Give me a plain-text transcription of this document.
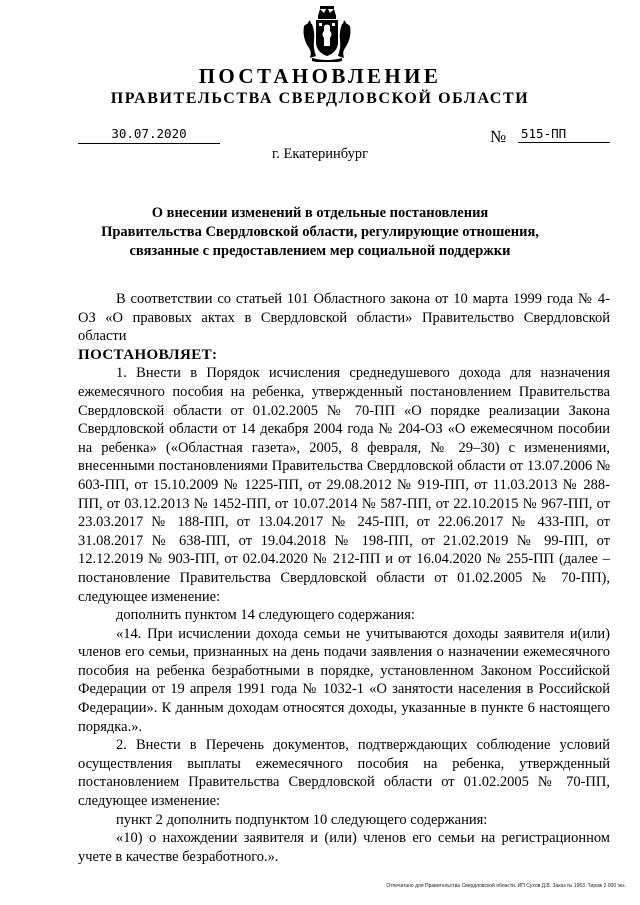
ПОСТАНОВЛЕНИЕ
ПРАВИТЕЛЬСТВА СВЕРДЛОВСКОЙ ОБЛАСТИ
30.07.2020	№ 515-ПП
г. Екатеринбург
О внесении изменений в отдельные постановления
Правительства Свердловской области, регулирующие отношения,
связанные с предоставлением мер социальной поддержки

В соответствии со статьей 101 Областного закона от 10 марта 1999 года № 4-ОЗ «О правовых актах в Свердловской области» Правительство Свердловской области

ПОСТАНОВЛЯЕТ:

1. Внести в Порядок исчисления среднедушевого дохода для назначения ежемесячного пособия на ребенка, утвержденный постановлением Правительства Свердловской области от 01.02.2005 № 70-ПП «О порядке реализации Закона Свердловской области от 14 декабря 2004 года № 204-ОЗ «О ежемесячном пособии на ребенка» («Областная газета», 2005, 8 февраля, № 29–30) с изменениями, внесенными постановлениями Правительства Свердловской области от 13.07.2006 № 603-ПП, от 15.10.2009 № 1225-ПП, от 29.08.2012 № 919-ПП, от 11.03.2013 № 288-ПП, от 03.12.2013 № 1452-ПП, от 10.07.2014 № 587-ПП, от 22.10.2015 № 967-ПП, от 23.03.2017 № 188-ПП, от 13.04.2017 № 245-ПП, от 22.06.2017 № 433-ПП, от 31.08.2017 № 638-ПП, от 19.04.2018 № 198-ПП, от 21.02.2019 № 99-ПП, от 12.12.2019 № 903-ПП, от 02.04.2020 № 212-ПП и от 16.04.2020 № 255-ПП (далее – постановление Правительства Свердловской области от 01.02.2005 № 70-ПП), следующее изменение:

дополнить пунктом 14 следующего содержания:

«14. При исчислении дохода семьи не учитываются доходы заявителя и(или) членов его семьи, признанных на день подачи заявления о назначении ежемесячного пособия на ребенка безработными в порядке, установленном Законом Российской Федерации от 19 апреля 1991 года № 1032-1 «О занятости населения в Российской Федерации». К данным доходам относятся доходы, указанные в пункте 6 настоящего порядка.».

2. Внести в Перечень документов, подтверждающих соблюдение условий осуществления выплаты ежемесячного пособия на ребенка, утвержденный постановлением Правительства Свердловской области от 01.02.2005 № 70-ПП, следующее изменение:

пункт 2 дополнить подпунктом 10 следующего содержания:

«10) о нахождении заявителя и (или) членов его семьи на регистрационном учете в качестве безработного.».

Отпечатано для Правительства Свердловской области. ИП Сухов Д.В. Заказ № 1963. Тираж 2 000 экз.
